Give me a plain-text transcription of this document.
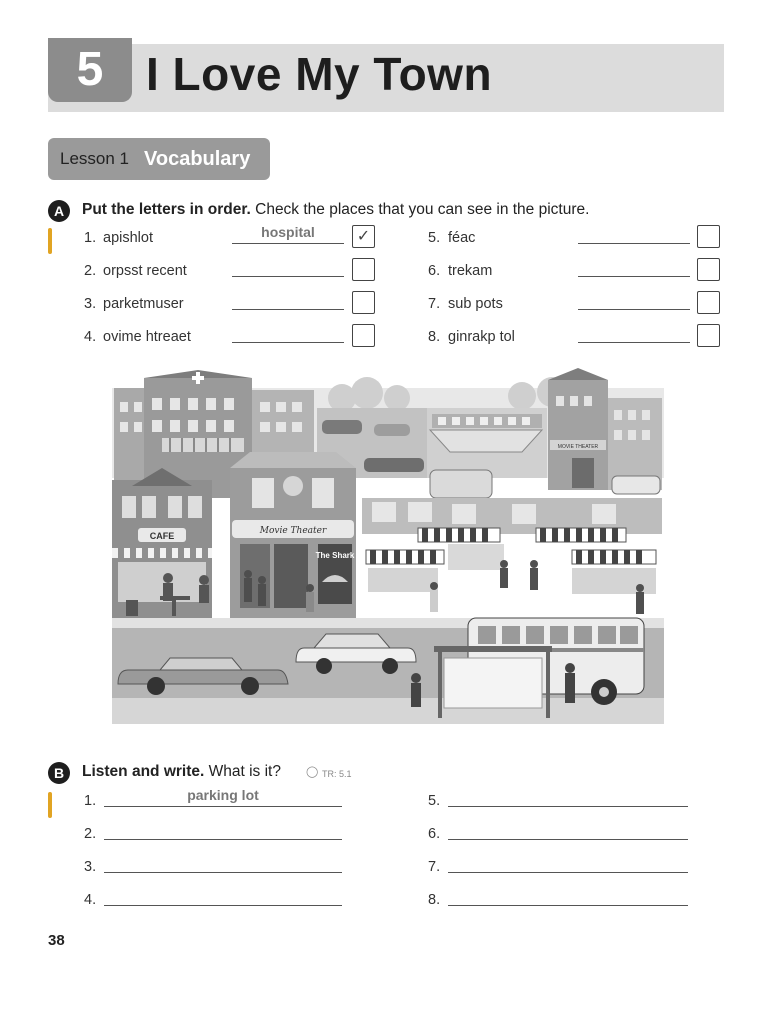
5 I Love My Town
Lesson 1 Vocabulary
A	Put the letters in order. Check the places that you can see in the picture.
1. apishlot	hospital	✓
2. orpsst recent
3. parketmuser
4. ovime htreaet
5. féac
6. trekam
7. sub pots
8. ginrakp tol
MOVIE THEATER
CAFE	Movie Theater
The Shark
B	Listen and write. What is it? ◯ TR: 5.1
1.	parking lot
2.
3.
4.
5.
6.
7.
8.
38
